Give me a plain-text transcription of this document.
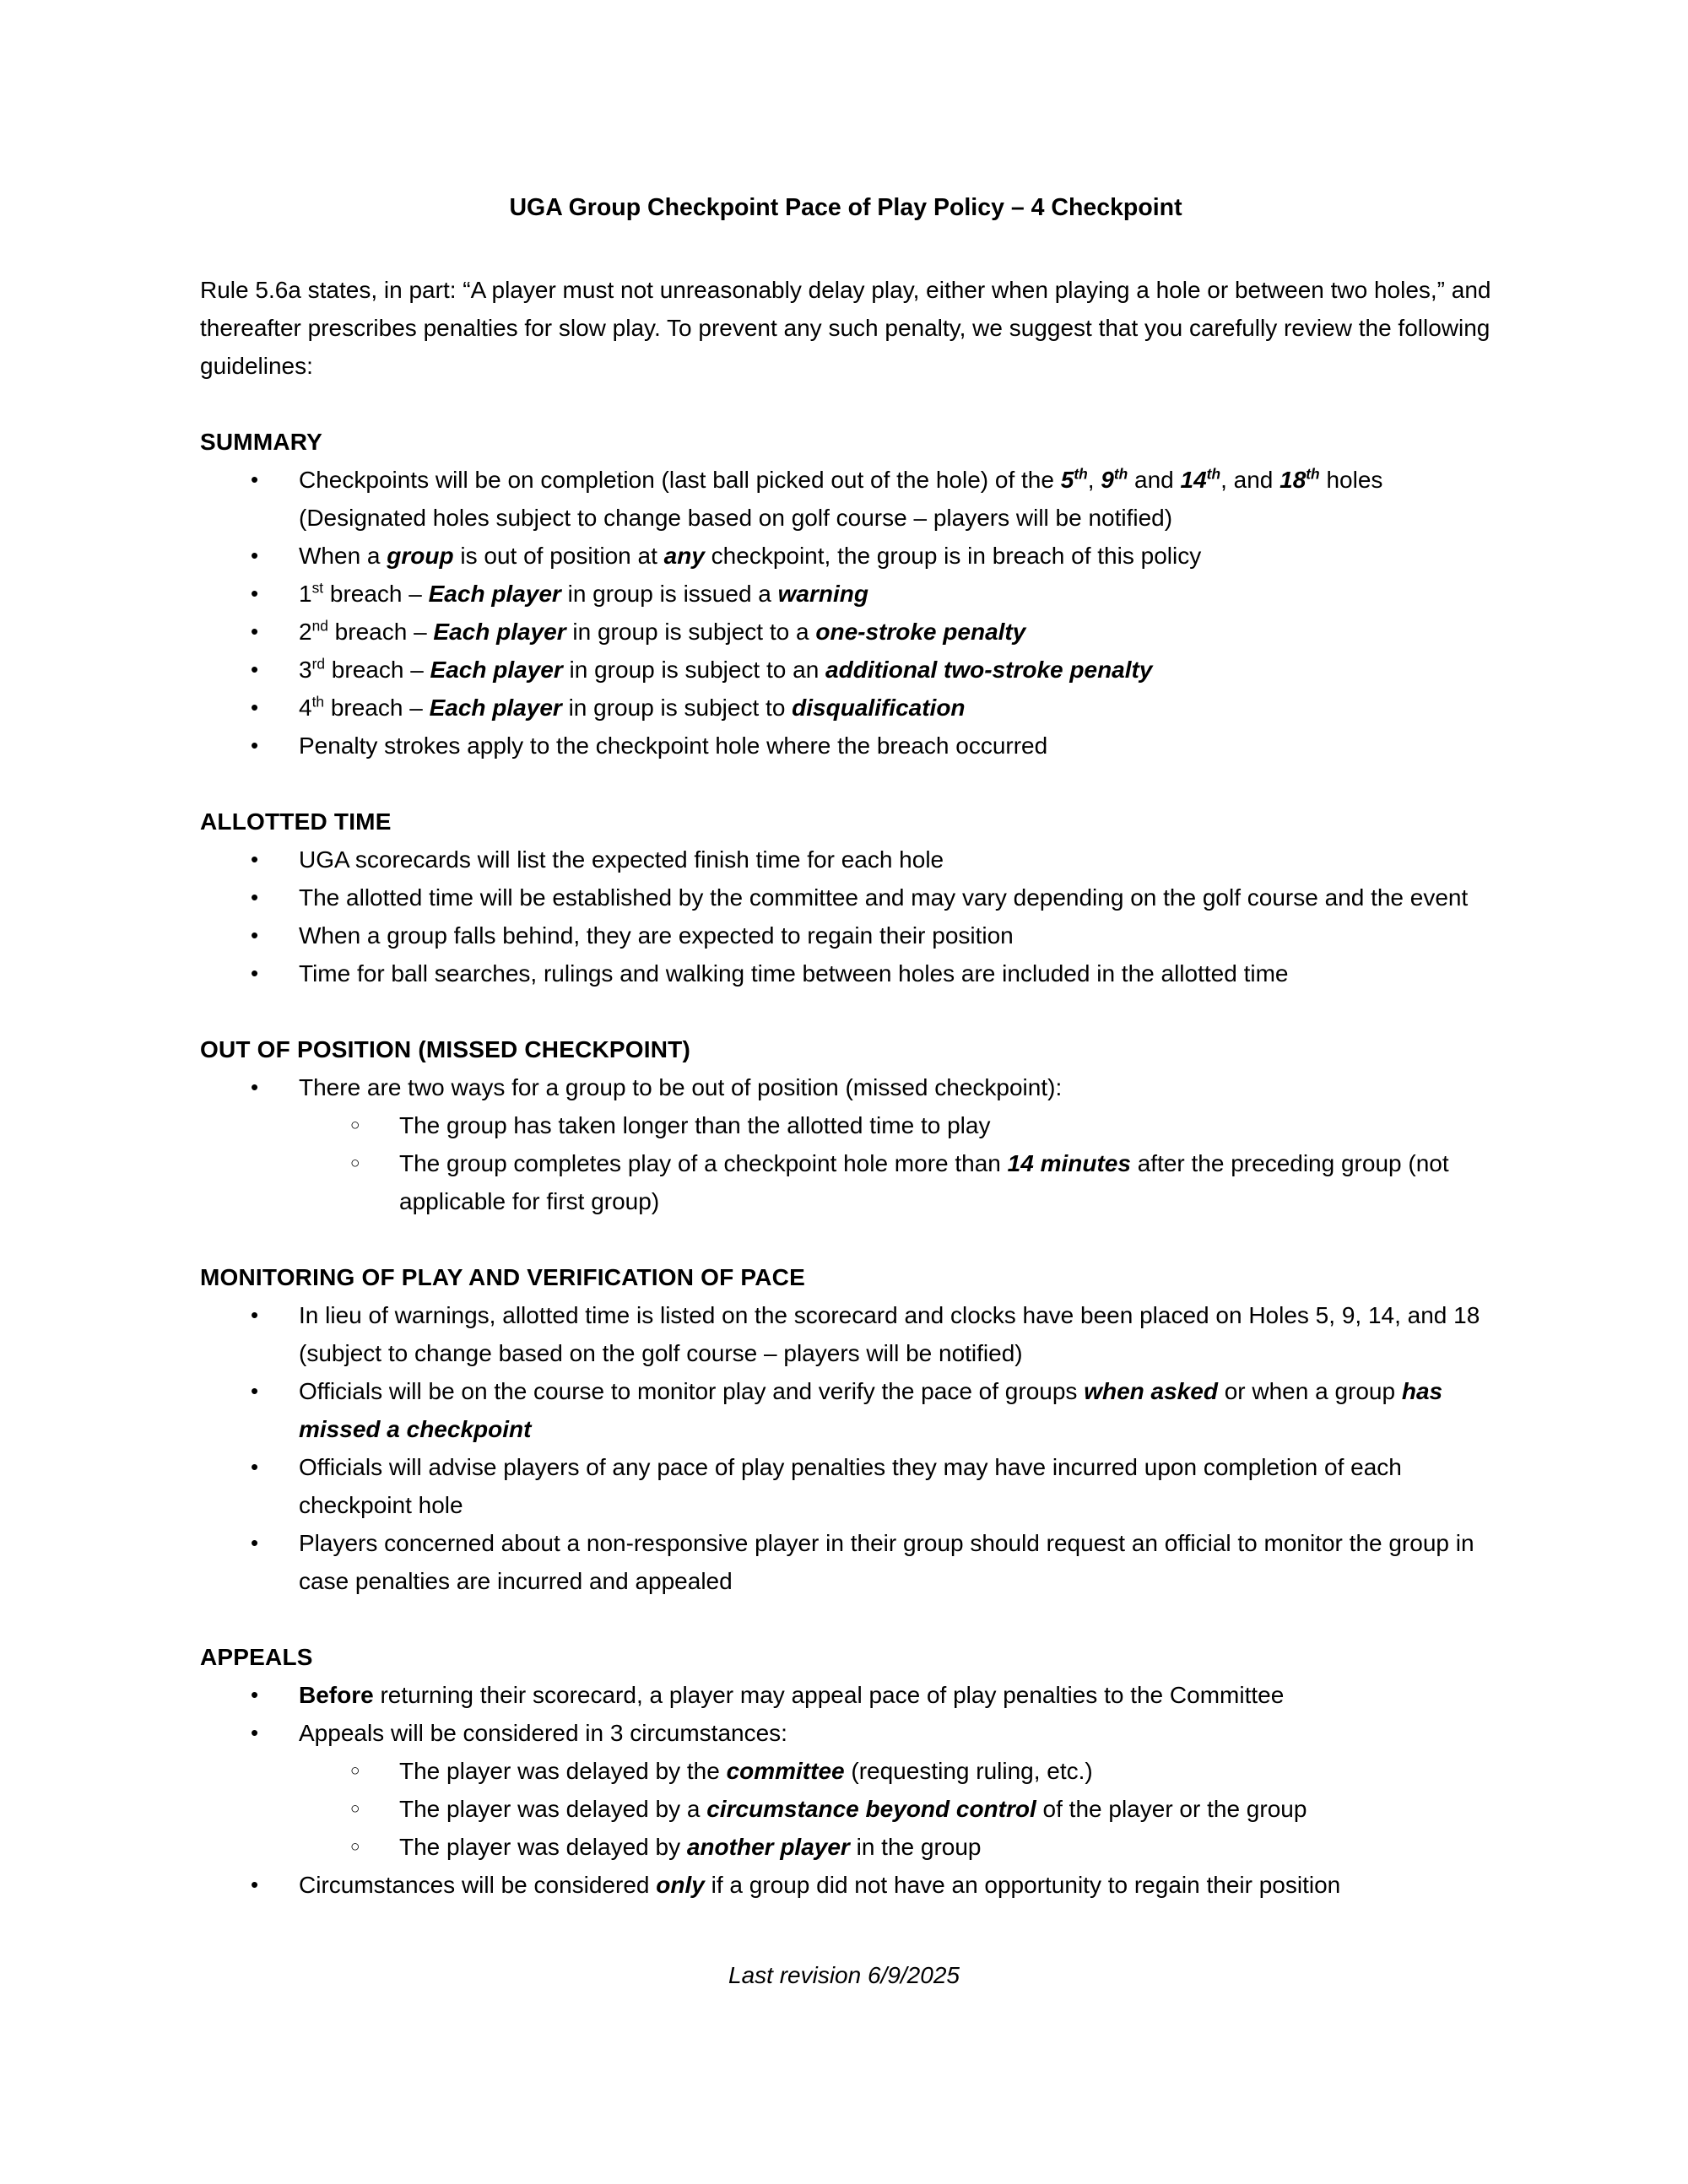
UGA Group Checkpoint Pace of Play Policy – 4 Checkpoint

Rule 5.6a states, in part: “A player must not unreasonably delay play, either when playing a hole or between two holes,” and thereafter prescribes penalties for slow play. To prevent any such penalty, we suggest that you carefully review the following guidelines:

SUMMARY
•	Checkpoints will be on completion (last ball picked out of the hole) of the 5th, 9th and 14th, and 18th holes (Designated holes subject to change based on golf course – players will be notified)
•	When a group is out of position at any checkpoint, the group is in breach of this policy
•	1st breach – Each player in group is issued a warning
•	2nd breach – Each player in group is subject to a one-stroke penalty
•	3rd breach – Each player in group is subject to an additional two-stroke penalty
•	4th breach – Each player in group is subject to disqualification
•	Penalty strokes apply to the checkpoint hole where the breach occurred
ALLOTTED TIME
•	UGA scorecards will list the expected finish time for each hole
•	The allotted time will be established by the committee and may vary depending on the golf course and the event
•	When a group falls behind, they are expected to regain their position
•	Time for ball searches, rulings and walking time between holes are included in the allotted time
OUT OF POSITION (MISSED CHECKPOINT)
•	There are two ways for a group to be out of position (missed checkpoint):
○	The group has taken longer than the allotted time to play
○	The group completes play of a checkpoint hole more than 14 minutes after the preceding group (not applicable for first group)
MONITORING OF PLAY AND VERIFICATION OF PACE
•	In lieu of warnings, allotted time is listed on the scorecard and clocks have been placed on Holes 5, 9, 14, and 18 (subject to change based on the golf course – players will be notified)
•	Officials will be on the course to monitor play and verify the pace of groups when asked or when a group has missed a checkpoint
•	Officials will advise players of any pace of play penalties they may have incurred upon completion of each checkpoint hole
•	Players concerned about a non-responsive player in their group should request an official to monitor the group in case penalties are incurred and appealed
APPEALS
•	Before returning their scorecard, a player may appeal pace of play penalties to the Committee
•	Appeals will be considered in 3 circumstances:
○	The player was delayed by the committee (requesting ruling, etc.)
○	The player was delayed by a circumstance beyond control of the player or the group
○	The player was delayed by another player in the group
•	Circumstances will be considered only if a group did not have an opportunity to regain their position

Last revision 6/9/2025
